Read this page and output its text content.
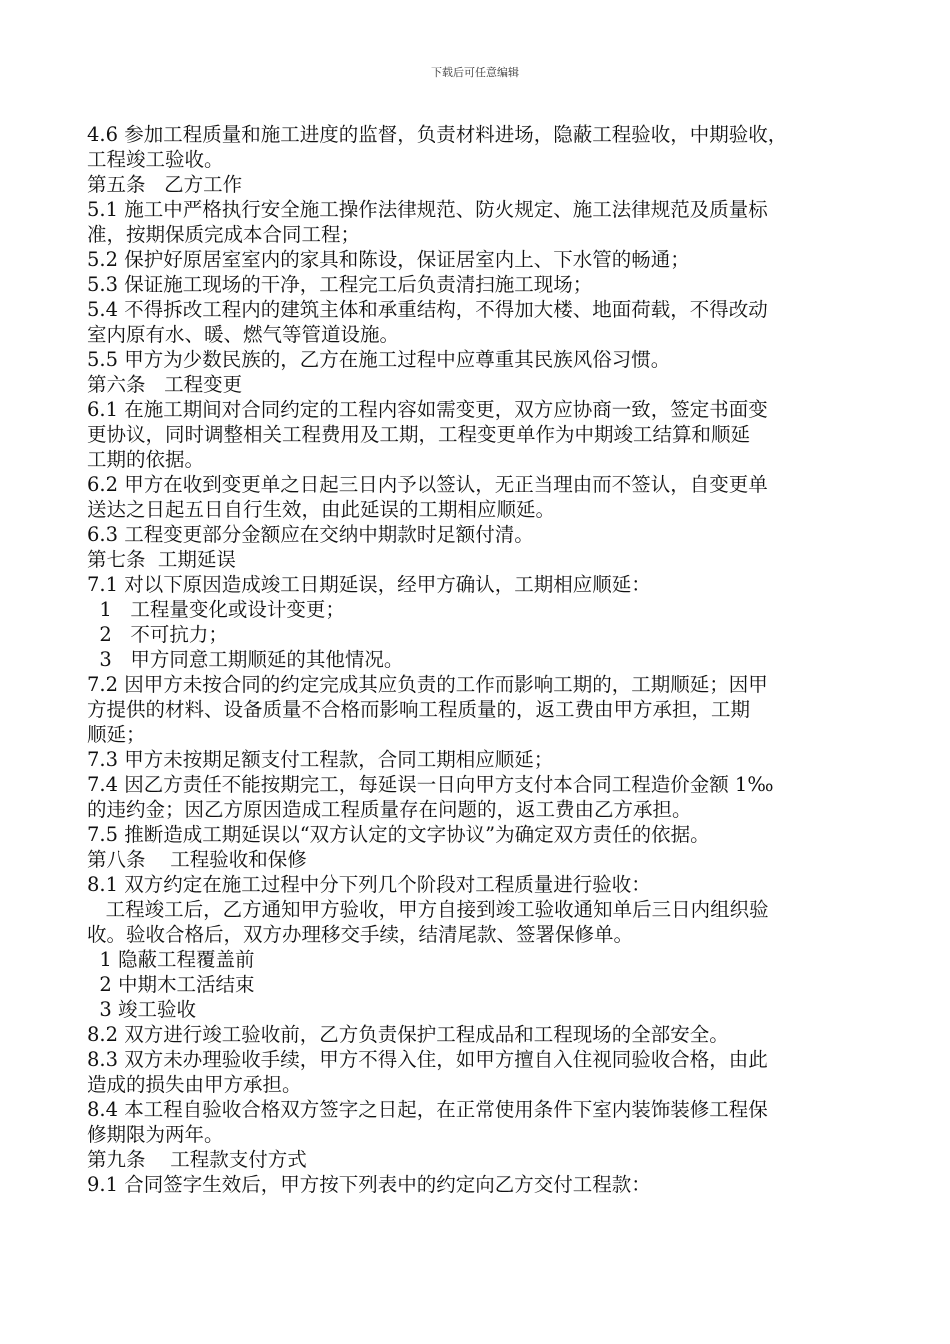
下载后可任意编辑

4.6 参加工程质量和施工进度的监督，负责材料进场，隐蔽工程验收，中期验收，

工程竣工验收。

第五条   乙方工作

5.1 施工中严格执行安全施工操作法律规范、防火规定、施工法律规范及质量标

准，按期保质完成本合同工程；

5.2 保护好原居室室内的家具和陈设，保证居室内上、下水管的畅通；

5.3 保证施工现场的干净，工程完工后负责清扫施工现场；

5.4 不得拆改工程内的建筑主体和承重结构，不得加大楼、地面荷载，不得改动

室内原有水、暖、燃气等管道设施。

5.5 甲方为少数民族的，乙方在施工过程中应尊重其民族风俗习惯。

第六条   工程变更

6.1 在施工期间对合同约定的工程内容如需变更，双方应协商一致，签定书面变

更协议，同时调整相关工程费用及工期，工程变更单作为中期竣工结算和顺延

工期的依据。

6.2 甲方在收到变更单之日起三日内予以签认，无正当理由而不签认，自变更单

送达之日起五日自行生效，由此延误的工期相应顺延。

6.3 工程变更部分金额应在交纳中期款时足额付清。

第七条  工期延误

7.1 对以下原因造成竣工日期延误，经甲方确认，工期相应顺延：

1   工程量变化或设计变更；

2   不可抗力；

3   甲方同意工期顺延的其他情况。

7.2 因甲方未按合同的约定完成其应负责的工作而影响工期的，工期顺延；因甲

方提供的材料、设备质量不合格而影响工程质量的，返工费由甲方承担，工期

顺延；

7.3 甲方未按期足额支付工程款，合同工期相应顺延；

7.4 因乙方责任不能按期完工，每延误一日向甲方支付本合同工程造价金额 1‰

的违约金；因乙方原因造成工程质量存在问题的，返工费由乙方承担。

7.5 推断造成工期延误以“双方认定的文字协议”为确定双方责任的依据。

第八条    工程验收和保修

8.1 双方约定在施工过程中分下列几个阶段对工程质量进行验收：

工程竣工后，乙方通知甲方验收，甲方自接到竣工验收通知单后三日内组织验

收。验收合格后，双方办理移交手续，结清尾款、签署保修单。

1 隐蔽工程覆盖前

2 中期木工活结束

3 竣工验收

8.2 双方进行竣工验收前，乙方负责保护工程成品和工程现场的全部安全。

8.3 双方未办理验收手续，甲方不得入住，如甲方擅自入住视同验收合格，由此

造成的损失由甲方承担。

8.4 本工程自验收合格双方签字之日起，在正常使用条件下室内装饰装修工程保

修期限为两年。

第九条    工程款支付方式

9.1 合同签字生效后，甲方按下列表中的约定向乙方交付工程款：
